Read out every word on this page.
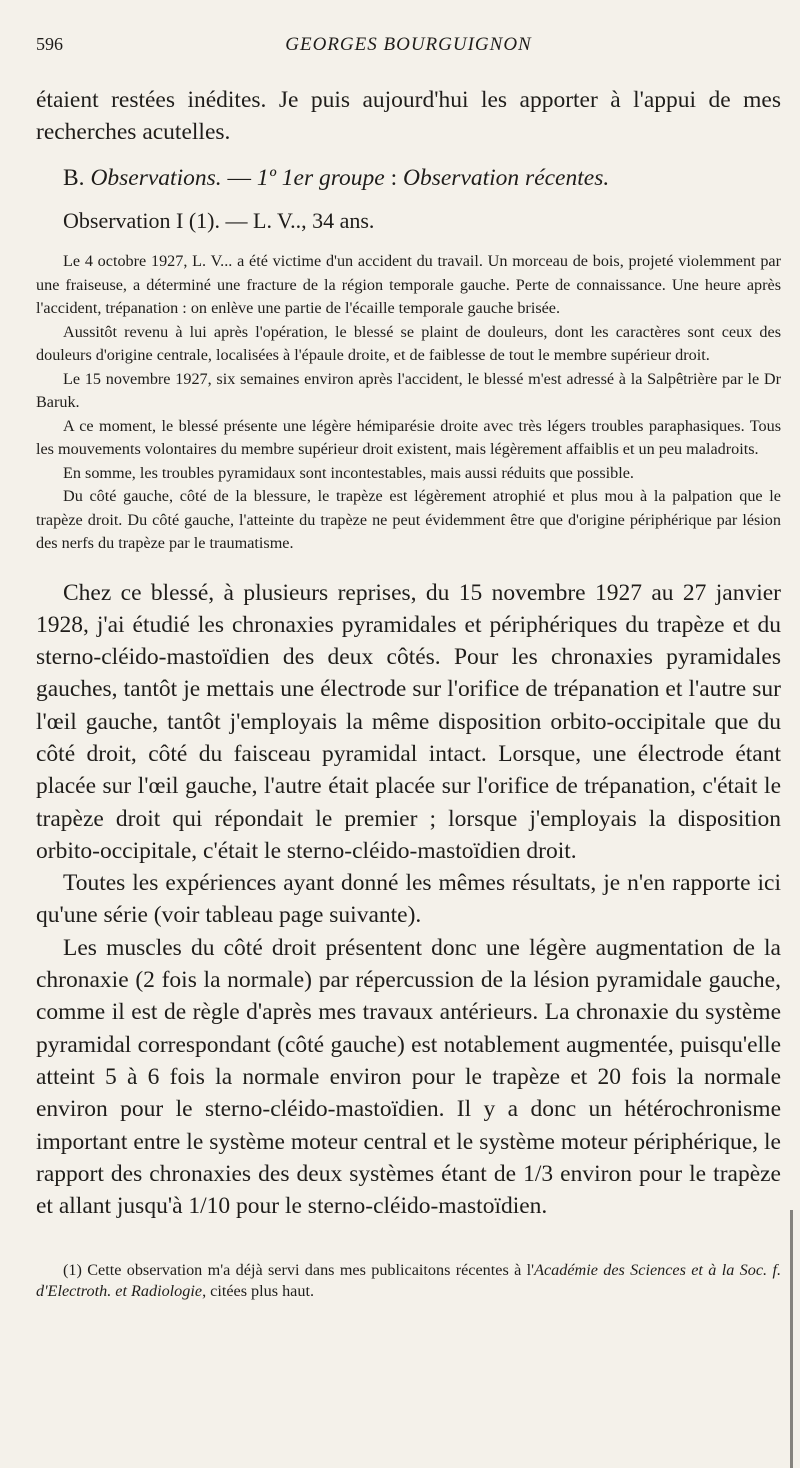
596	GEORGES BOURGUIGNON

étaient restées inédites. Je puis aujourd'hui les apporter à l'appui de mes recherches acutelles.

B. Observations. — 1º 1er groupe : Observation récentes.
Observation I (1). — L. V.., 34 ans.

Le 4 octobre 1927, L. V... a été victime d'un accident du travail. Un morceau de bois, projeté violemment par une fraiseuse, a déterminé une fracture de la région temporale gauche. Perte de connaissance. Une heure après l'accident, trépanation : on enlève une partie de l'écaille temporale gauche brisée.

Aussitôt revenu à lui après l'opération, le blessé se plaint de douleurs, dont les caractères sont ceux des douleurs d'origine centrale, localisées à l'épaule droite, et de faiblesse de tout le membre supérieur droit.

Le 15 novembre 1927, six semaines environ après l'accident, le blessé m'est adressé à la Salpêtrière par le Dr Baruk.

A ce moment, le blessé présente une légère hémiparésie droite avec très légers troubles paraphasiques. Tous les mouvements volontaires du membre supérieur droit existent, mais légèrement affaiblis et un peu maladroits.

En somme, les troubles pyramidaux sont incontestables, mais aussi réduits que possible.

Du côté gauche, côté de la blessure, le trapèze est légèrement atrophié et plus mou à la palpation que le trapèze droit. Du côté gauche, l'atteinte du trapèze ne peut évidemment être que d'origine périphérique par lésion des nerfs du trapèze par le traumatisme.

Chez ce blessé, à plusieurs reprises, du 15 novembre 1927 au 27 janvier 1928, j'ai étudié les chronaxies pyramidales et périphériques du trapèze et du sterno-cléido-mastoïdien des deux côtés. Pour les chronaxies pyramidales gauches, tantôt je mettais une électrode sur l'orifice de trépanation et l'autre sur l'œil gauche, tantôt j'employais la même disposition orbito-occipitale que du côté droit, côté du faisceau pyramidal intact. Lorsque, une électrode étant placée sur l'œil gauche, l'autre était placée sur l'orifice de trépanation, c'était le trapèze droit qui répondait le premier ; lorsque j'employais la disposition orbito-occipitale, c'était le sterno-cléido-mastoïdien droit.

Toutes les expériences ayant donné les mêmes résultats, je n'en rapporte ici qu'une série (voir tableau page suivante).

Les muscles du côté droit présentent donc une légère augmentation de la chronaxie (2 fois la normale) par répercussion de la lésion pyramidale gauche, comme il est de règle d'après mes travaux antérieurs. La chronaxie du système pyramidal correspondant (côté gauche) est notablement augmentée, puisqu'elle atteint 5 à 6 fois la normale environ pour le trapèze et 20 fois la normale environ pour le sterno-cléido-mastoïdien. Il y a donc un hétérochronisme important entre le système moteur central et le système moteur périphérique, le rapport des chronaxies des deux systèmes étant de 1/3 environ pour le trapèze et allant jusqu'à 1/10 pour le sterno-cléido-mastoïdien.

(1) Cette observation m'a déjà servi dans mes publicaitons récentes à l'Académie des Sciences et à la Soc. f. d'Electroth. et Radiologie, citées plus haut.
